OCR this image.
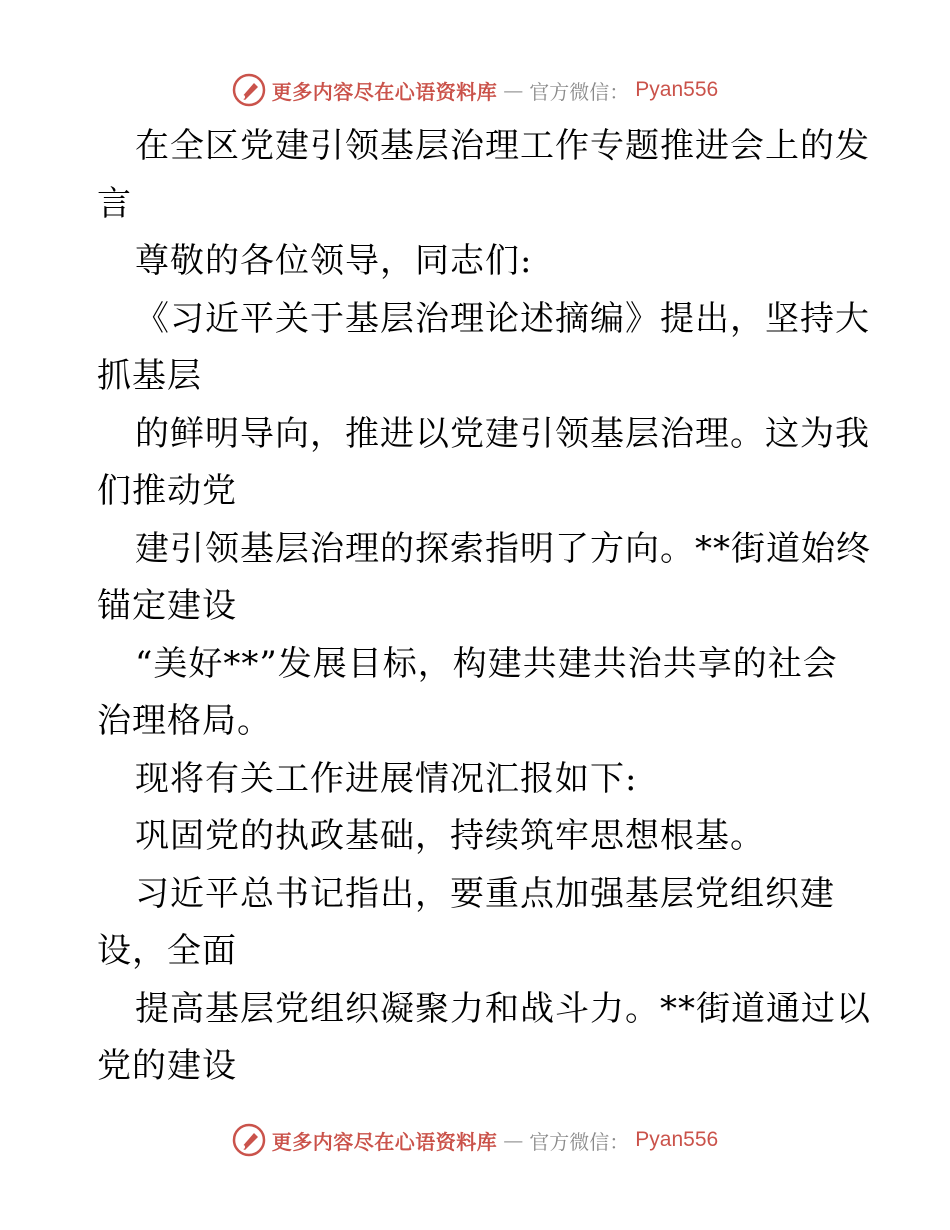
更多内容尽在心语资料库 — 官方微信： Pyan556
在全区党建引领基层治理工作专题推进会上的发
言
尊敬的各位领导，同志们:
《习近平关于基层治理论述摘编》提出，坚持大
抓基层
的鲜明导向，推进以党建引领基层治理。这为我
们推动党
建引领基层治理的探索指明了方向。**街道始终
锚定建设
“美好**”发展目标，构建共建共治共享的社会
治理格局。
现将有关工作进展情况汇报如下:
巩固党的执政基础，持续筑牢思想根基。
习近平总书记指出，要重点加强基层党组织建
设，全面
提高基层党组织凝聚力和战斗力。**街道通过以
党的建设
更多内容尽在心语资料库 — 官方微信： Pyan556
